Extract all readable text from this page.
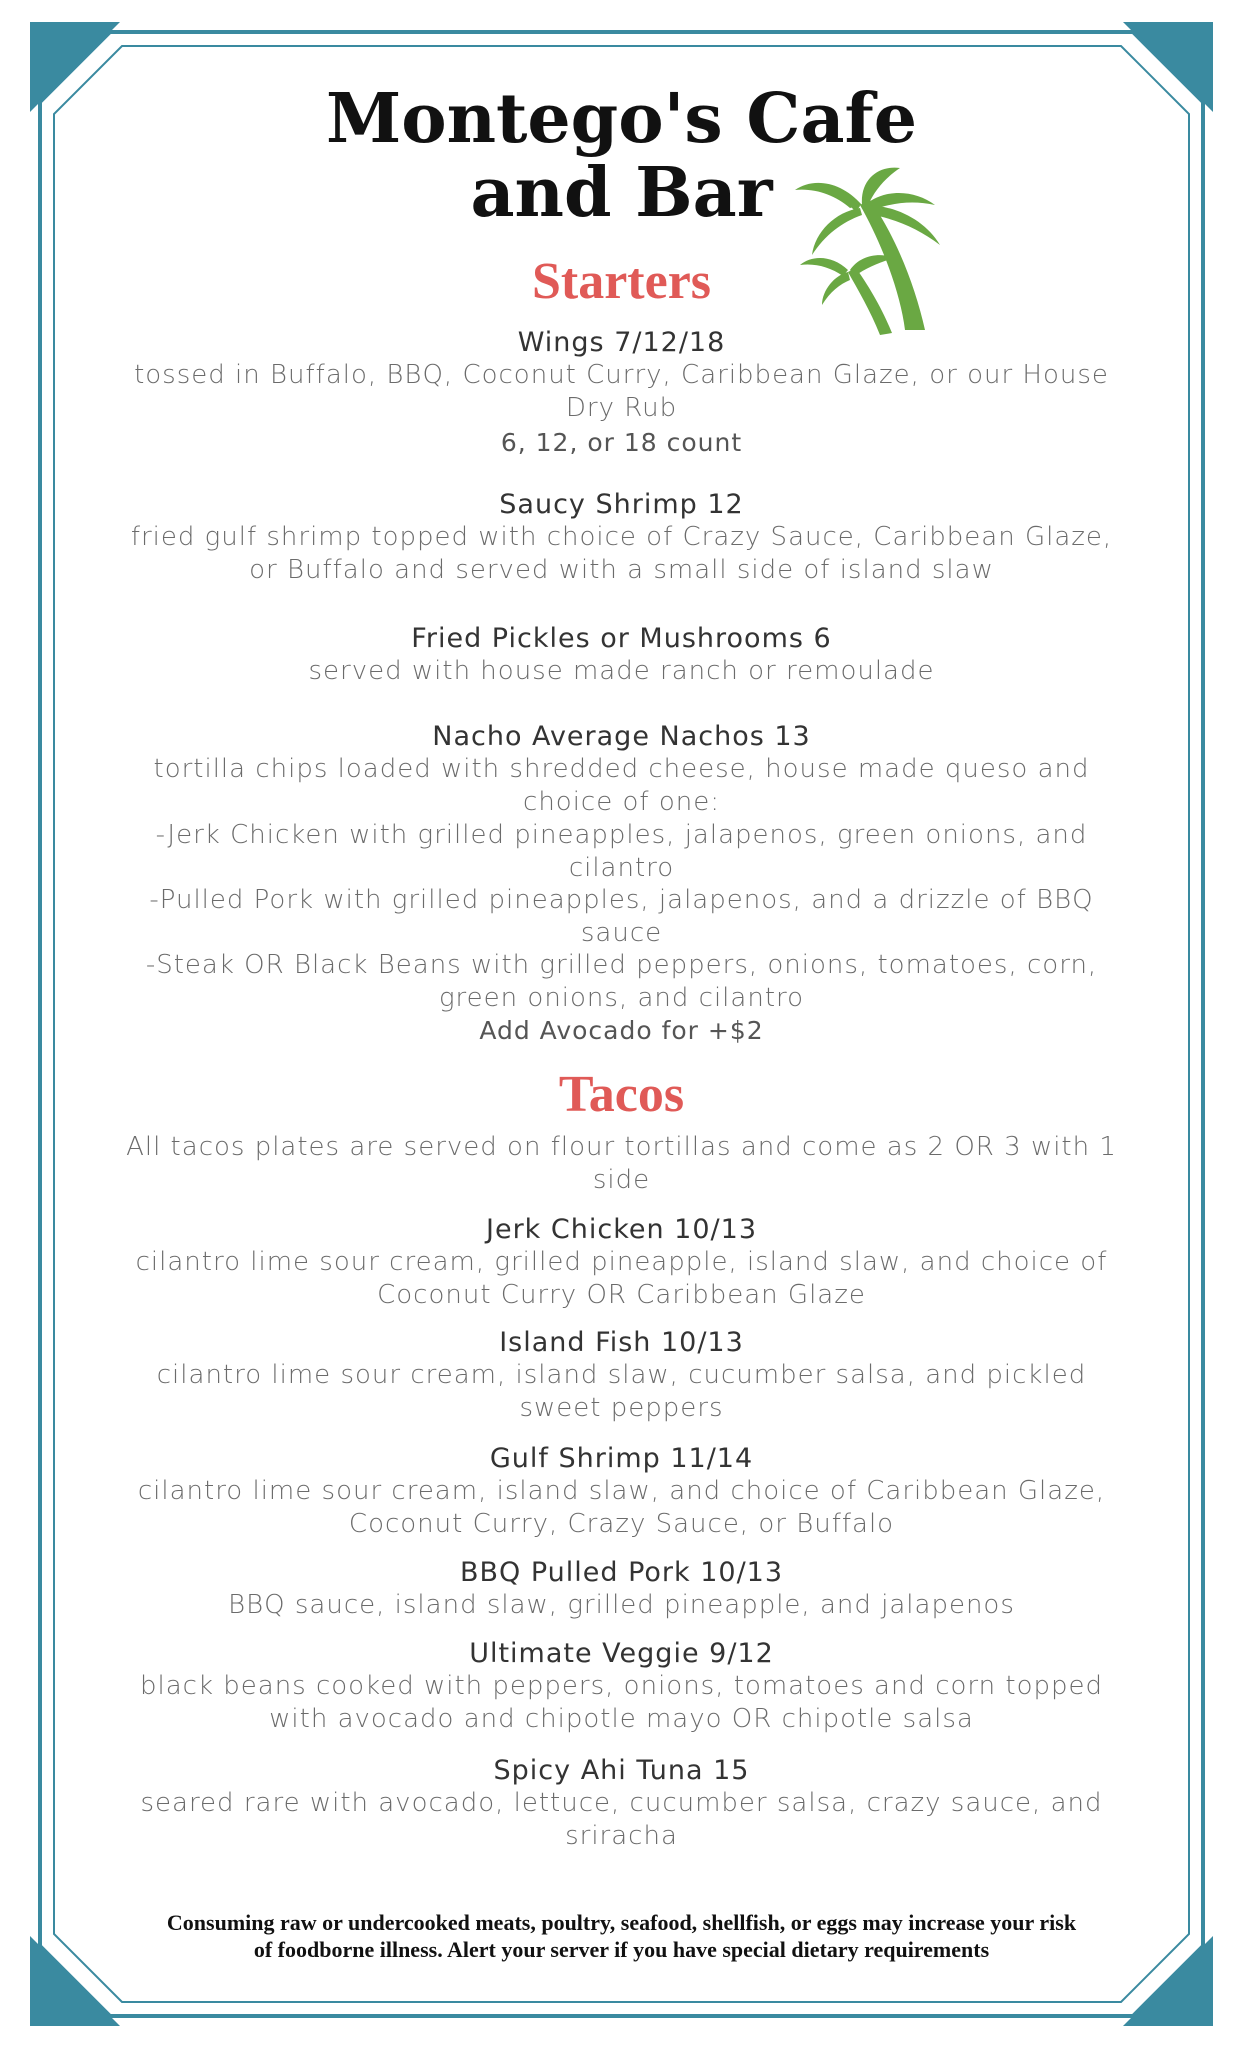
Montego's Cafe
and Bar
Starters
Wings 7/12/18
tossed in Buffalo, BBQ, Coconut Curry, Caribbean Glaze, or our House Dry Rub
6, 12, or 18 count
Saucy Shrimp 12
fried gulf shrimp topped with choice of Crazy Sauce, Caribbean Glaze, or Buffalo and served with a small side of island slaw
Fried Pickles or Mushrooms 6
served with house made ranch or remoulade
Nacho Average Nachos 13
tortilla chips loaded with shredded cheese, house made queso and choice of one:
-Jerk Chicken with grilled pineapples, jalapenos, green onions, and cilantro
-Pulled Pork with grilled pineapples, jalapenos, and a drizzle of BBQ sauce
-Steak OR Black Beans with grilled peppers, onions, tomatoes, corn, green onions, and cilantro
Add Avocado for +$2
Tacos
All tacos plates are served on flour tortillas and come as 2 OR 3 with 1 side
Jerk Chicken 10/13
cilantro lime sour cream, grilled pineapple, island slaw, and choice of Coconut Curry OR Caribbean Glaze
Island Fish 10/13
cilantro lime sour cream, island slaw, cucumber salsa, and pickled sweet peppers
Gulf Shrimp 11/14
cilantro lime sour cream, island slaw, and choice of Caribbean Glaze, Coconut Curry, Crazy Sauce, or Buffalo
BBQ Pulled Pork 10/13
BBQ sauce, island slaw, grilled pineapple, and jalapenos
Ultimate Veggie 9/12
black beans cooked with peppers, onions, tomatoes and corn topped with avocado and chipotle mayo OR chipotle salsa
Spicy Ahi Tuna 15
seared rare with avocado, lettuce, cucumber salsa, crazy sauce, and sriracha
Consuming raw or undercooked meats, poultry, seafood, shellfish, or eggs may increase your risk of foodborne illness. Alert your server if you have special dietary requirements
